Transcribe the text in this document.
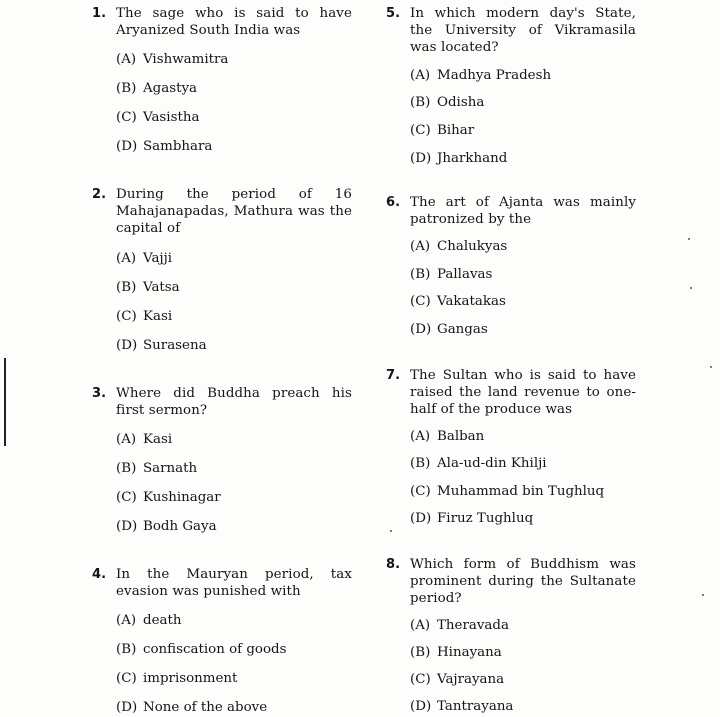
1. The sage who is said to have Aryanized South India was
(A) Vishwamitra
(B) Agastya
(C) Vasistha
(D) Sambhara
2. During the period of 16 Mahajanapadas, Mathura was the capital of
(A) Vajji
(B) Vatsa
(C) Kasi
(D) Surasena
3. Where did Buddha preach his first sermon?
(A) Kasi
(B) Sarnath
(C) Kushinagar
(D) Bodh Gaya
4. In the Mauryan period, tax evasion was punished with
(A) death
(B) confiscation of goods
(C) imprisonment
(D) None of the above
5. In which modern day's State, the University of Vikramasila was located?
(A) Madhya Pradesh
(B) Odisha
(C) Bihar
(D) Jharkhand
6. The art of Ajanta was mainly patronized by the
(A) Chalukyas
(B) Pallavas
(C) Vakatakas
(D) Gangas
7. The Sultan who is said to have raised the land revenue to one-half of the produce was
(A) Balban
(B) Ala-ud-din Khilji
(C) Muhammad bin Tughluq
(D) Firuz Tughluq
8. Which form of Buddhism was prominent during the Sultanate period?
(A) Theravada
(B) Hinayana
(C) Vajrayana
(D) Tantrayana
